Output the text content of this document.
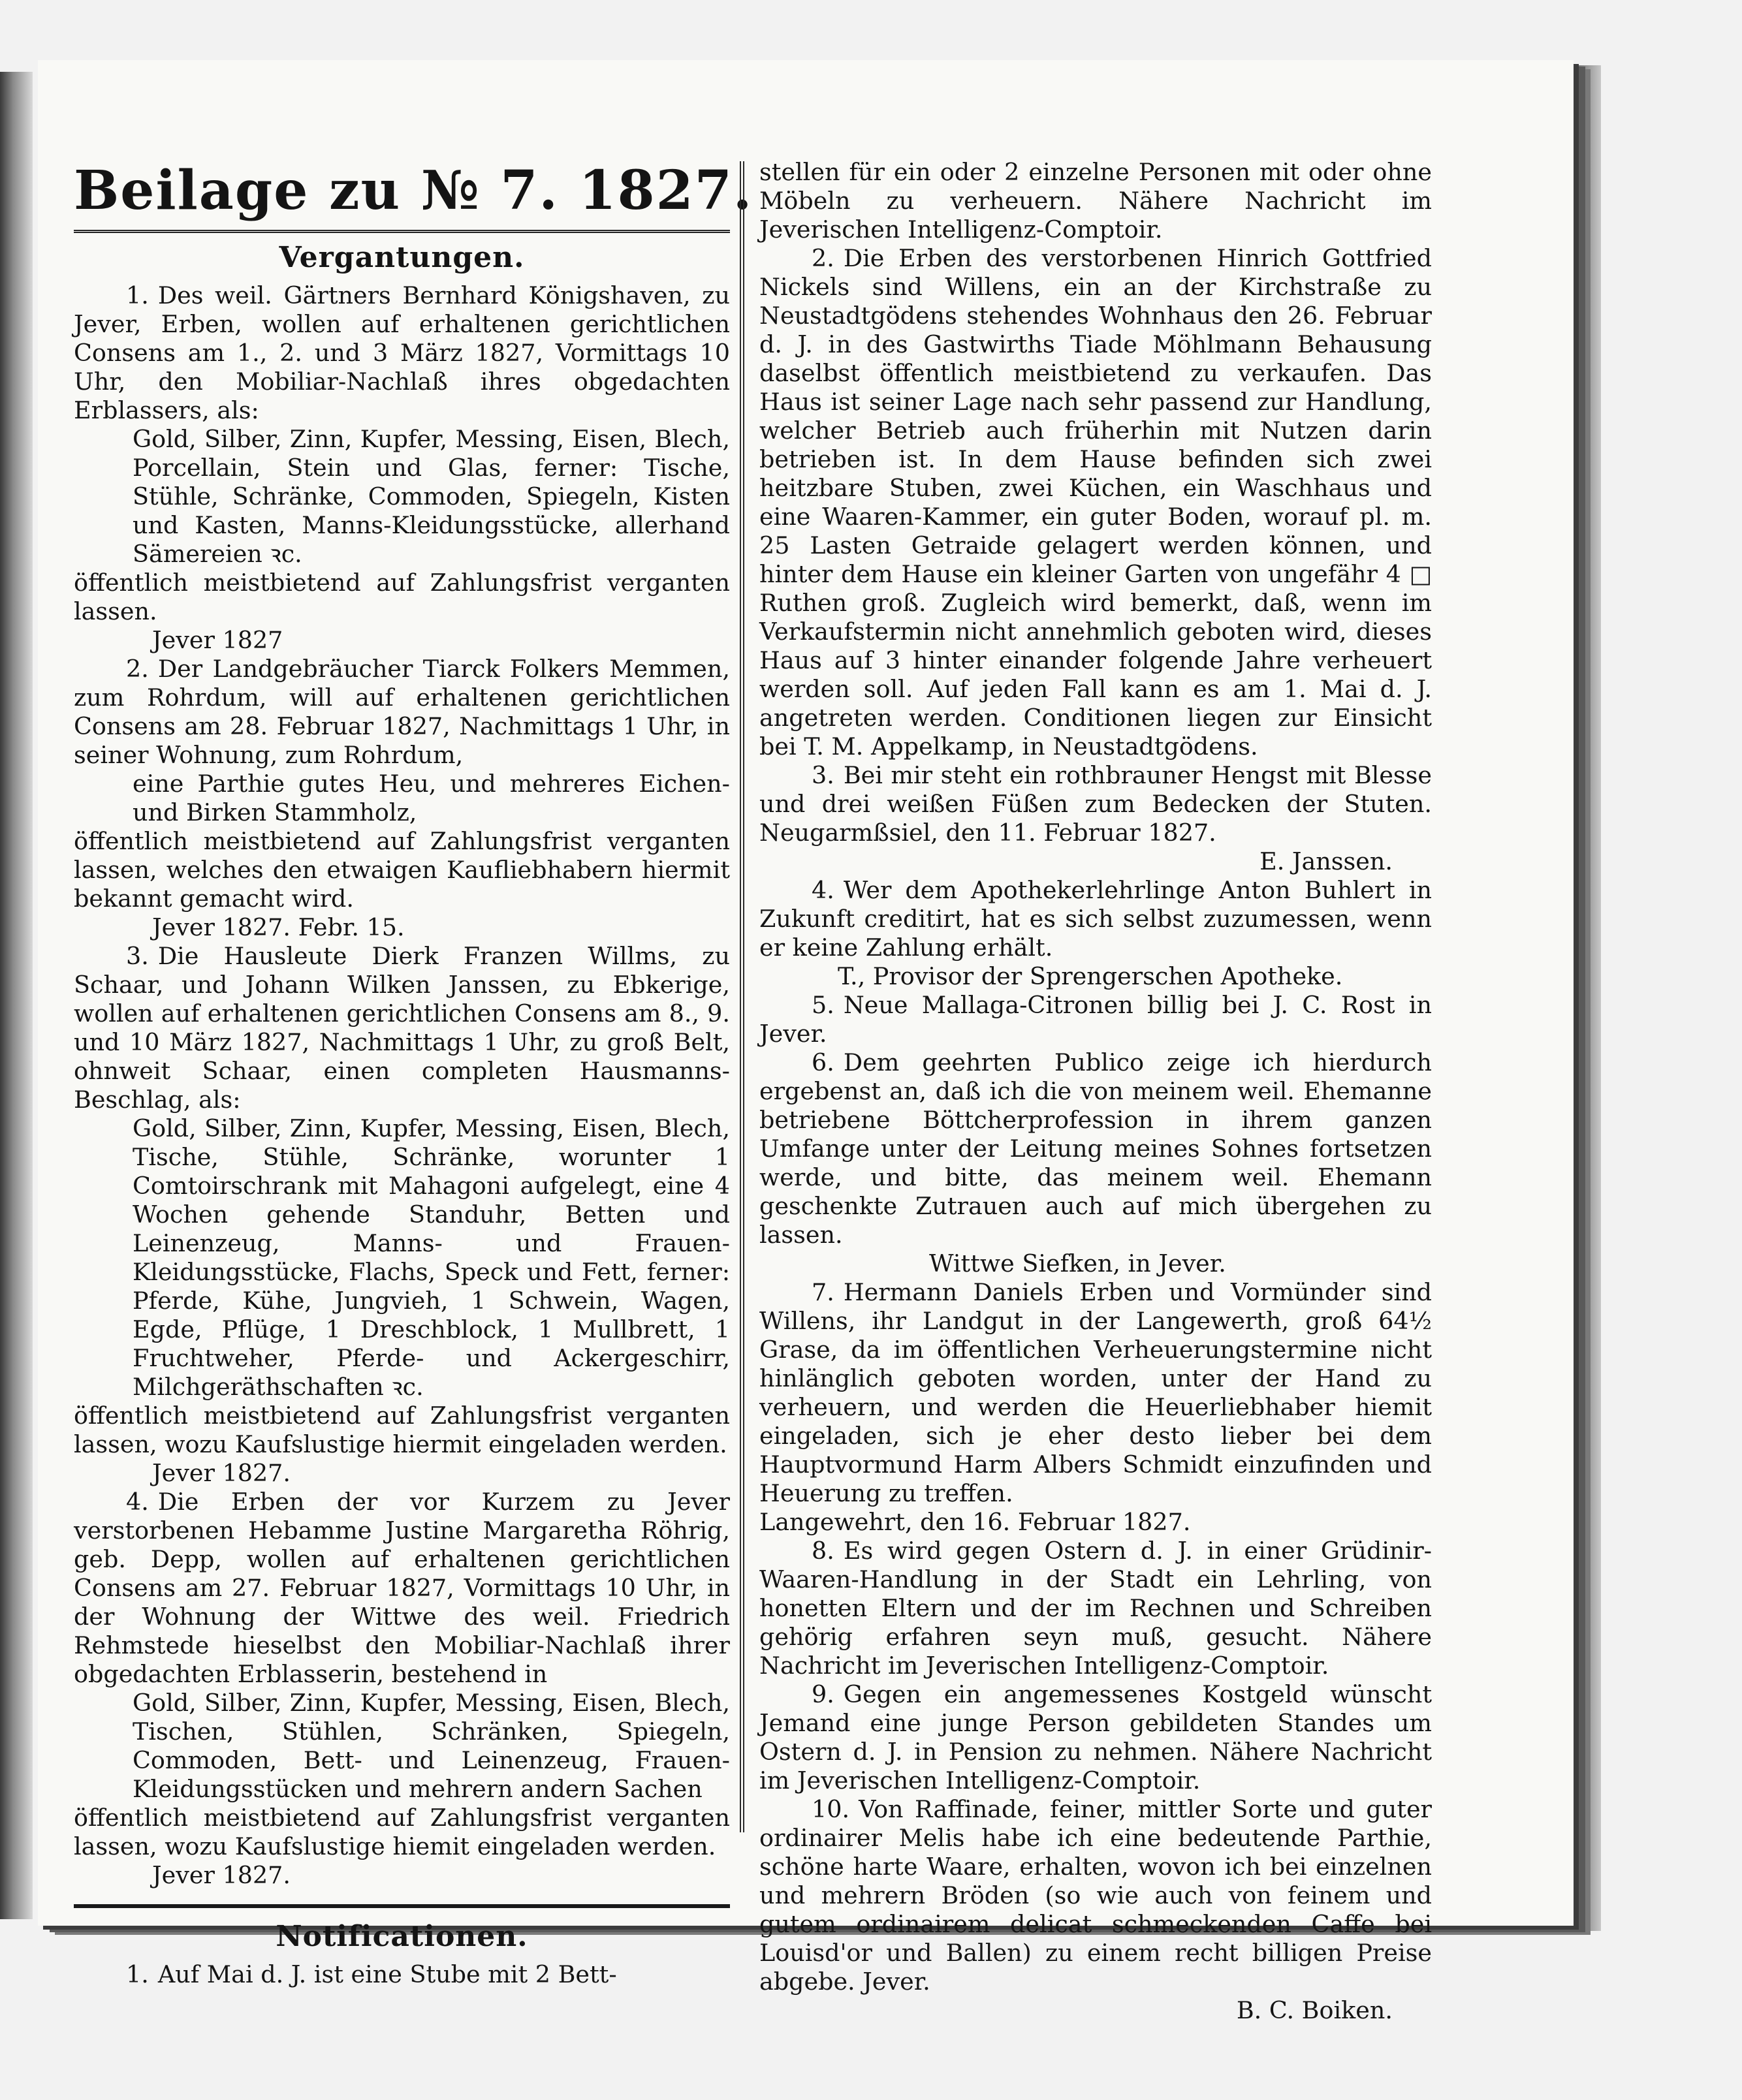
Beilage zu № 7. 1827.
Vergantungen.

1. Des weil. Gärtners Bernhard Königshaven, zu Jever, Erben, wollen auf erhaltenen gerichtlichen Consens am 1., 2. und 3 März 1827, Vormittags 10 Uhr, den Mobiliar-Nachlaß ihres obgedachten Erblassers, als:

Gold, Silber, Zinn, Kupfer, Messing, Eisen, Blech, Porcellain, Stein und Glas, ferner: Tische, Stühle, Schränke, Commoden, Spiegeln, Kisten und Kasten, Manns-Kleidungsstücke, allerhand Sämereien ꝛc.

öffentlich meistbietend auf Zahlungsfrist verganten lassen.

Jever 1827

2. Der Landgebräucher Tiarck Folkers Memmen, zum Rohrdum, will auf erhaltenen gerichtlichen Consens am 28. Februar 1827, Nachmittags 1 Uhr, in seiner Wohnung, zum Rohrdum,

eine Parthie gutes Heu, und mehreres Eichen- und Birken Stammholz,

öffentlich meistbietend auf Zahlungsfrist verganten lassen, welches den etwaigen Kaufliebhabern hiermit bekannt gemacht wird.

Jever 1827. Febr. 15.

3. Die Hausleute Dierk Franzen Willms, zu Schaar, und Johann Wilken Janssen, zu Ebkerige, wollen auf erhaltenen gerichtlichen Consens am 8., 9. und 10 März 1827, Nachmittags 1 Uhr, zu groß Belt, ohnweit Schaar, einen completen Hausmanns-Beschlag, als:

Gold, Silber, Zinn, Kupfer, Messing, Eisen, Blech, Tische, Stühle, Schränke, worunter 1 Comtoirschrank mit Mahagoni aufgelegt, eine 4 Wochen gehende Standuhr, Betten und Leinenzeug, Manns- und Frauen-Kleidungsstücke, Flachs, Speck und Fett, ferner: Pferde, Kühe, Jungvieh, 1 Schwein, Wagen, Egde, Pflüge, 1 Dreschblock, 1 Mullbrett, 1 Fruchtweher, Pferde- und Ackergeschirr, Milchgeräthschaften ꝛc.

öffentlich meistbietend auf Zahlungsfrist verganten lassen, wozu Kaufslustige hiermit eingeladen werden.

Jever 1827.

4. Die Erben der vor Kurzem zu Jever verstorbenen Hebamme Justine Margaretha Röhrig, geb. Depp, wollen auf erhaltenen gerichtlichen Consens am 27. Februar 1827, Vormittags 10 Uhr, in der Wohnung der Wittwe des weil. Friedrich Rehmstede hieselbst den Mobiliar-Nachlaß ihrer obgedachten Erblasserin, bestehend in

Gold, Silber, Zinn, Kupfer, Messing, Eisen, Blech, Tischen, Stühlen, Schränken, Spiegeln, Commoden, Bett- und Leinenzeug, Frauen-Kleidungsstücken und mehrern andern Sachen

öffentlich meistbietend auf Zahlungsfrist verganten lassen, wozu Kaufslustige hiemit eingeladen werden.

Jever 1827.

Notificationen.

1. Auf Mai d. J. ist eine Stube mit 2 Bett-

stellen für ein oder 2 einzelne Personen mit oder ohne Möbeln zu verheuern. Nähere Nachricht im Jeverischen Intelligenz-Comptoir.

2. Die Erben des verstorbenen Hinrich Gottfried Nickels sind Willens, ein an der Kirchstraße zu Neustadtgödens stehendes Wohnhaus den 26. Februar d. J. in des Gastwirths Tiade Möhlmann Behausung daselbst öffentlich meistbietend zu verkaufen. Das Haus ist seiner Lage nach sehr passend zur Handlung, welcher Betrieb auch früherhin mit Nutzen darin betrieben ist. In dem Hause befinden sich zwei heitzbare Stuben, zwei Küchen, ein Waschhaus und eine Waaren-Kammer, ein guter Boden, worauf pl. m. 25 Lasten Getraide gelagert werden können, und hinter dem Hause ein kleiner Garten von ungefähr 4 □ Ruthen groß. Zugleich wird bemerkt, daß, wenn im Verkaufstermin nicht annehmlich geboten wird, dieses Haus auf 3 hinter einander folgende Jahre verheuert werden soll. Auf jeden Fall kann es am 1. Mai d. J. angetreten werden. Conditionen liegen zur Einsicht bei T. M. Appelkamp, in Neustadtgödens.

3. Bei mir steht ein rothbrauner Hengst mit Blesse und drei weißen Füßen zum Bedecken der Stuten. Neugarmßsiel, den 11. Februar 1827.

E. Janssen.

4. Wer dem Apothekerlehrlinge Anton Buhlert in Zukunft creditirt, hat es sich selbst zuzumessen, wenn er keine Zahlung erhält.

T., Provisor der Sprengerschen Apotheke.

5. Neue Mallaga-Citronen billig bei J. C. Rost in Jever.

6. Dem geehrten Publico zeige ich hierdurch ergebenst an, daß ich die von meinem weil. Ehemanne betriebene Böttcherprofession in ihrem ganzen Umfange unter der Leitung meines Sohnes fortsetzen werde, und bitte, das meinem weil. Ehemann geschenkte Zutrauen auch auf mich übergehen zu lassen.

Wittwe Siefken, in Jever.

7. Hermann Daniels Erben und Vormünder sind Willens, ihr Landgut in der Langewerth, groß 64½ Grase, da im öffentlichen Verheuerungstermine nicht hinlänglich geboten worden, unter der Hand zu verheuern, und werden die Heuerliebhaber hiemit eingeladen, sich je eher desto lieber bei dem Hauptvormund Harm Albers Schmidt einzufinden und Heuerung zu treffen.

Langewehrt, den 16. Februar 1827.

8. Es wird gegen Ostern d. J. in einer Grüdinir-Waaren-Handlung in der Stadt ein Lehrling, von honetten Eltern und der im Rechnen und Schreiben gehörig erfahren seyn muß, gesucht. Nähere Nachricht im Jeverischen Intelligenz-Comptoir.

9. Gegen ein angemessenes Kostgeld wünscht Jemand eine junge Person gebildeten Standes um Ostern d. J. in Pension zu nehmen. Nähere Nachricht im Jeverischen Intelligenz-Comptoir.

10. Von Raffinade, feiner, mittler Sorte und guter ordinairer Melis habe ich eine bedeutende Parthie, schöne harte Waare, erhalten, wovon ich bei einzelnen und mehrern Bröden (so wie auch von feinem und gutem ordinairem delicat schmeckenden Caffe bei Louisd'or und Ballen) zu einem recht billigen Preise abgebe. Jever.

B. C. Boiken.
